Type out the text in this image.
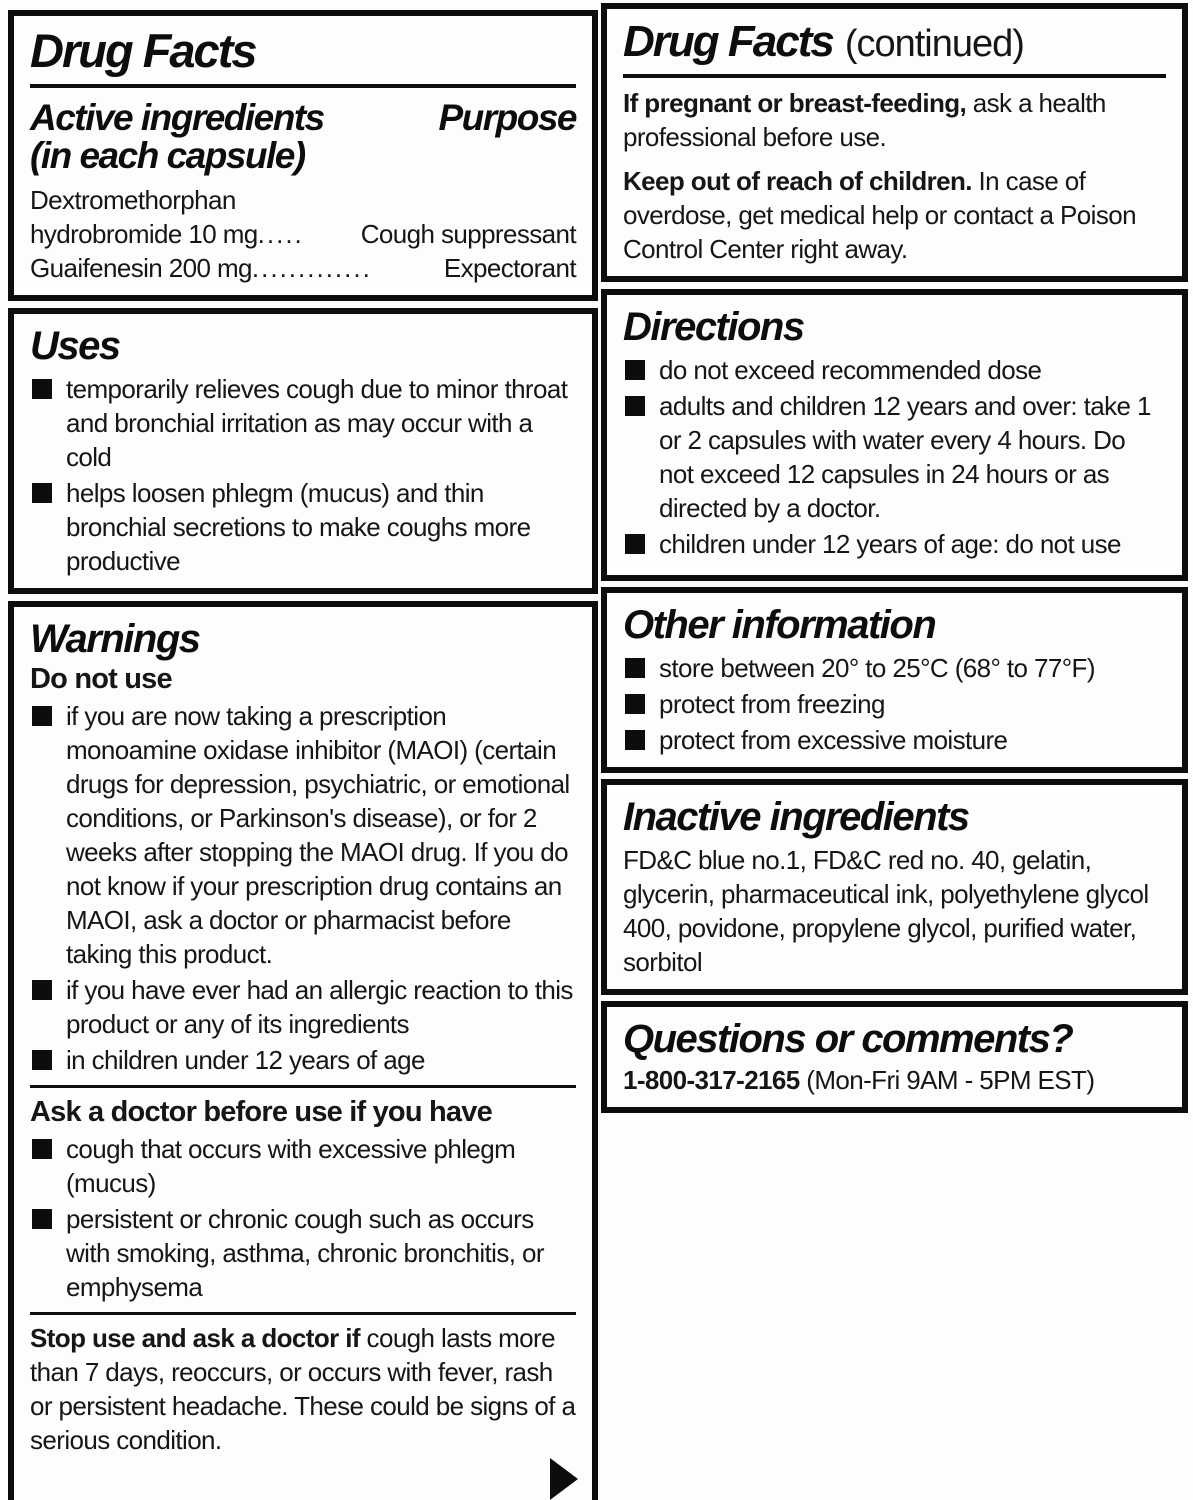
Drug Facts
Active ingredients	Purpose
(in each capsule)
Dextromethorphan
hydrobromide 10 mg ..... Cough suppressant
Guaifenesin 200 mg .............	Expectorant
Uses
temporarily relieves cough due to minor throat and bronchial irritation as may occur with a cold
helps loosen phlegm (mucus) and thin bronchial secretions to make coughs more productive
Warnings
Do not use
if you are now taking a prescription monoamine oxidase inhibitor (MAOI) (certain drugs for depression, psychiatric, or emotional conditions, or Parkinson's disease), or for 2 weeks after stopping the MAOI drug. If you do not know if your prescription drug contains an MAOI, ask a doctor or pharmacist before taking this product.
if you have ever had an allergic reaction to this product or any of its ingredients
in children under 12 years of age
Ask a doctor before use if you have
cough that occurs with excessive phlegm (mucus)
persistent or chronic cough such as occurs with smoking, asthma, chronic bronchitis, or emphysema

Stop use and ask a doctor if cough lasts more than 7 days, reoccurs, or occurs with fever, rash or persistent headache. These could be signs of a serious condition.

Drug Facts (continued)

If pregnant or breast-feeding, ask a health professional before use.

Keep out of reach of children. In case of overdose, get medical help or contact a Poison Control Center right away.

Directions
do not exceed recommended dose
adults and children 12 years and over: take 1 or 2 capsules with water every 4 hours. Do not exceed 12 capsules in 24 hours or as directed by a doctor.
children under 12 years of age: do not use
Other information
store between 20° to 25°C (68° to 77°F)
protect from freezing
protect from excessive moisture
Inactive ingredients

FD&C blue no.1, FD&C red no. 40, gelatin, glycerin, pharmaceutical ink, polyethylene glycol 400, povidone, propylene glycol, purified water, sorbitol

Questions or comments?

1-800-317-2165 (Mon-Fri 9AM - 5PM EST)
